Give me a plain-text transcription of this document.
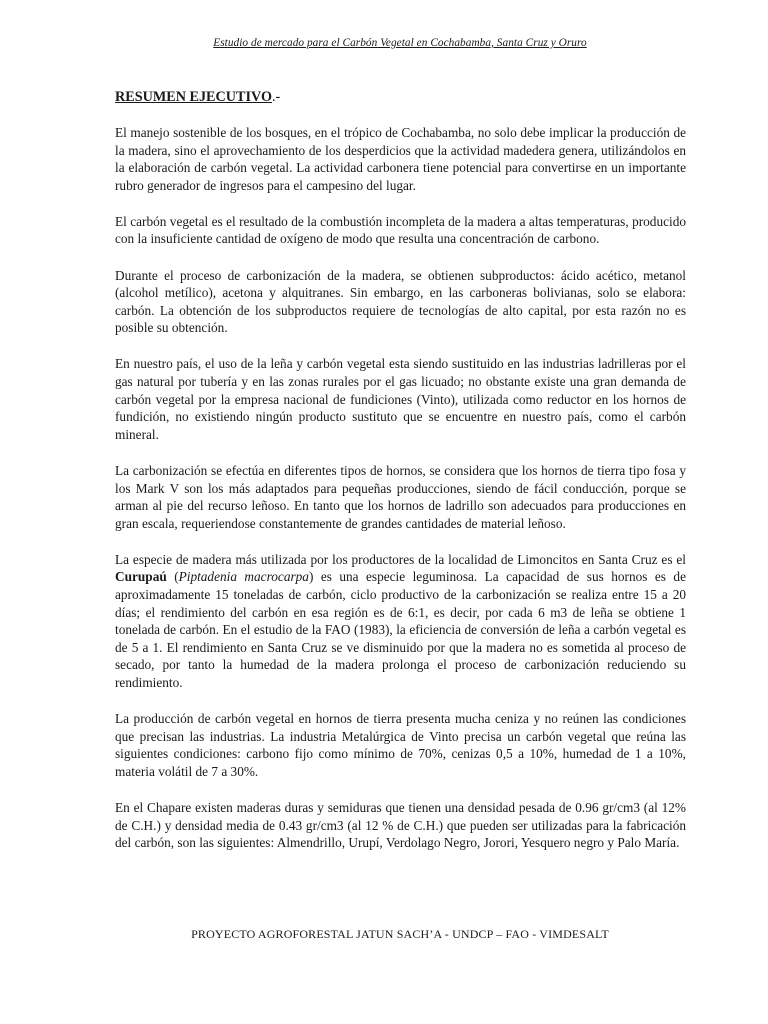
Estudio de mercado para el Carbón Vegetal en Cochabamba, Santa Cruz y Oruro
RESUMEN EJECUTIVO.-

El manejo sostenible de los bosques, en el trópico de Cochabamba, no solo debe implicar la producción de la madera, sino el aprovechamiento de los desperdicios que la actividad madedera genera, utilizándolos en la elaboración de carbón vegetal. La actividad carbonera tiene potencial para convertirse en un importante rubro generador de ingresos para el campesino del lugar.

El carbón vegetal es el resultado de la combustión incompleta de la madera a altas temperaturas, producido con la insuficiente cantidad de oxígeno de modo que resulta una concentración de carbono.

Durante el proceso de carbonización de la madera, se obtienen subproductos: ácido acético, metanol (alcohol metílico), acetona y alquitranes. Sin embargo, en las carboneras bolivianas, solo se elabora: carbón. La obtención de los subproductos requiere de tecnologías de alto capital, por esta razón no es posible su obtención.

En nuestro país, el uso de la leña y carbón vegetal esta siendo sustituido en las industrias ladrilleras por el gas natural por tubería y en las zonas rurales por el gas licuado; no obstante existe una gran demanda de carbón vegetal por la empresa nacional de fundiciones (Vinto), utilizada como reductor en los hornos de fundición, no existiendo ningún producto sustituto que se encuentre en nuestro país, como el carbón mineral.

La carbonización se efectúa en diferentes tipos de hornos, se considera que los hornos de tierra tipo fosa y los Mark V son los más adaptados para pequeñas producciones, siendo de fácil conducción, porque se arman al pie del recurso leñoso. En tanto que los hornos de ladrillo son adecuados para producciones en gran escala, requeriendose constantemente de grandes cantidades de material leñoso.

La especie de madera más utilizada por los productores de la localidad de Limoncitos en Santa Cruz es el Curupaú (Piptadenia macrocarpa) es una especie leguminosa. La capacidad de sus hornos es de aproximadamente 15 toneladas de carbón, ciclo productivo de la carbonización se realiza entre 15 a 20 días; el rendimiento del carbón en esa región es de 6:1, es decir, por cada 6 m3 de leña se obtiene 1 tonelada de carbón. En el estudio de la FAO (1983), la eficiencia de conversión de leña a carbón vegetal es de 5 a 1. El rendimiento en Santa Cruz se ve disminuido por que la madera no es sometida al proceso de secado, por tanto la humedad de la madera prolonga el proceso de carbonización reduciendo su rendimiento.

La producción de carbón vegetal en hornos de tierra presenta mucha ceniza y no reúnen las condiciones que precisan las industrias. La industria Metalúrgica de Vinto precisa un carbón vegetal que reúna las siguientes condiciones: carbono fijo como mínimo de 70%, cenizas 0,5 a 10%, humedad de 1 a 10%, materia volátil de 7 a 30%.

En el Chapare existen maderas duras y semiduras que tienen una densidad pesada de 0.96 gr/cm3 (al 12% de C.H.) y densidad media de 0.43 gr/cm3 (al 12 % de C.H.) que pueden ser utilizadas para la fabricación del carbón, son las siguientes: Almendrillo, Urupí, Verdolago Negro, Jorori, Yesquero negro y Palo María.

PROYECTO AGROFORESTAL JATUN SACH’A - UNDCP – FAO - VIMDESALT
